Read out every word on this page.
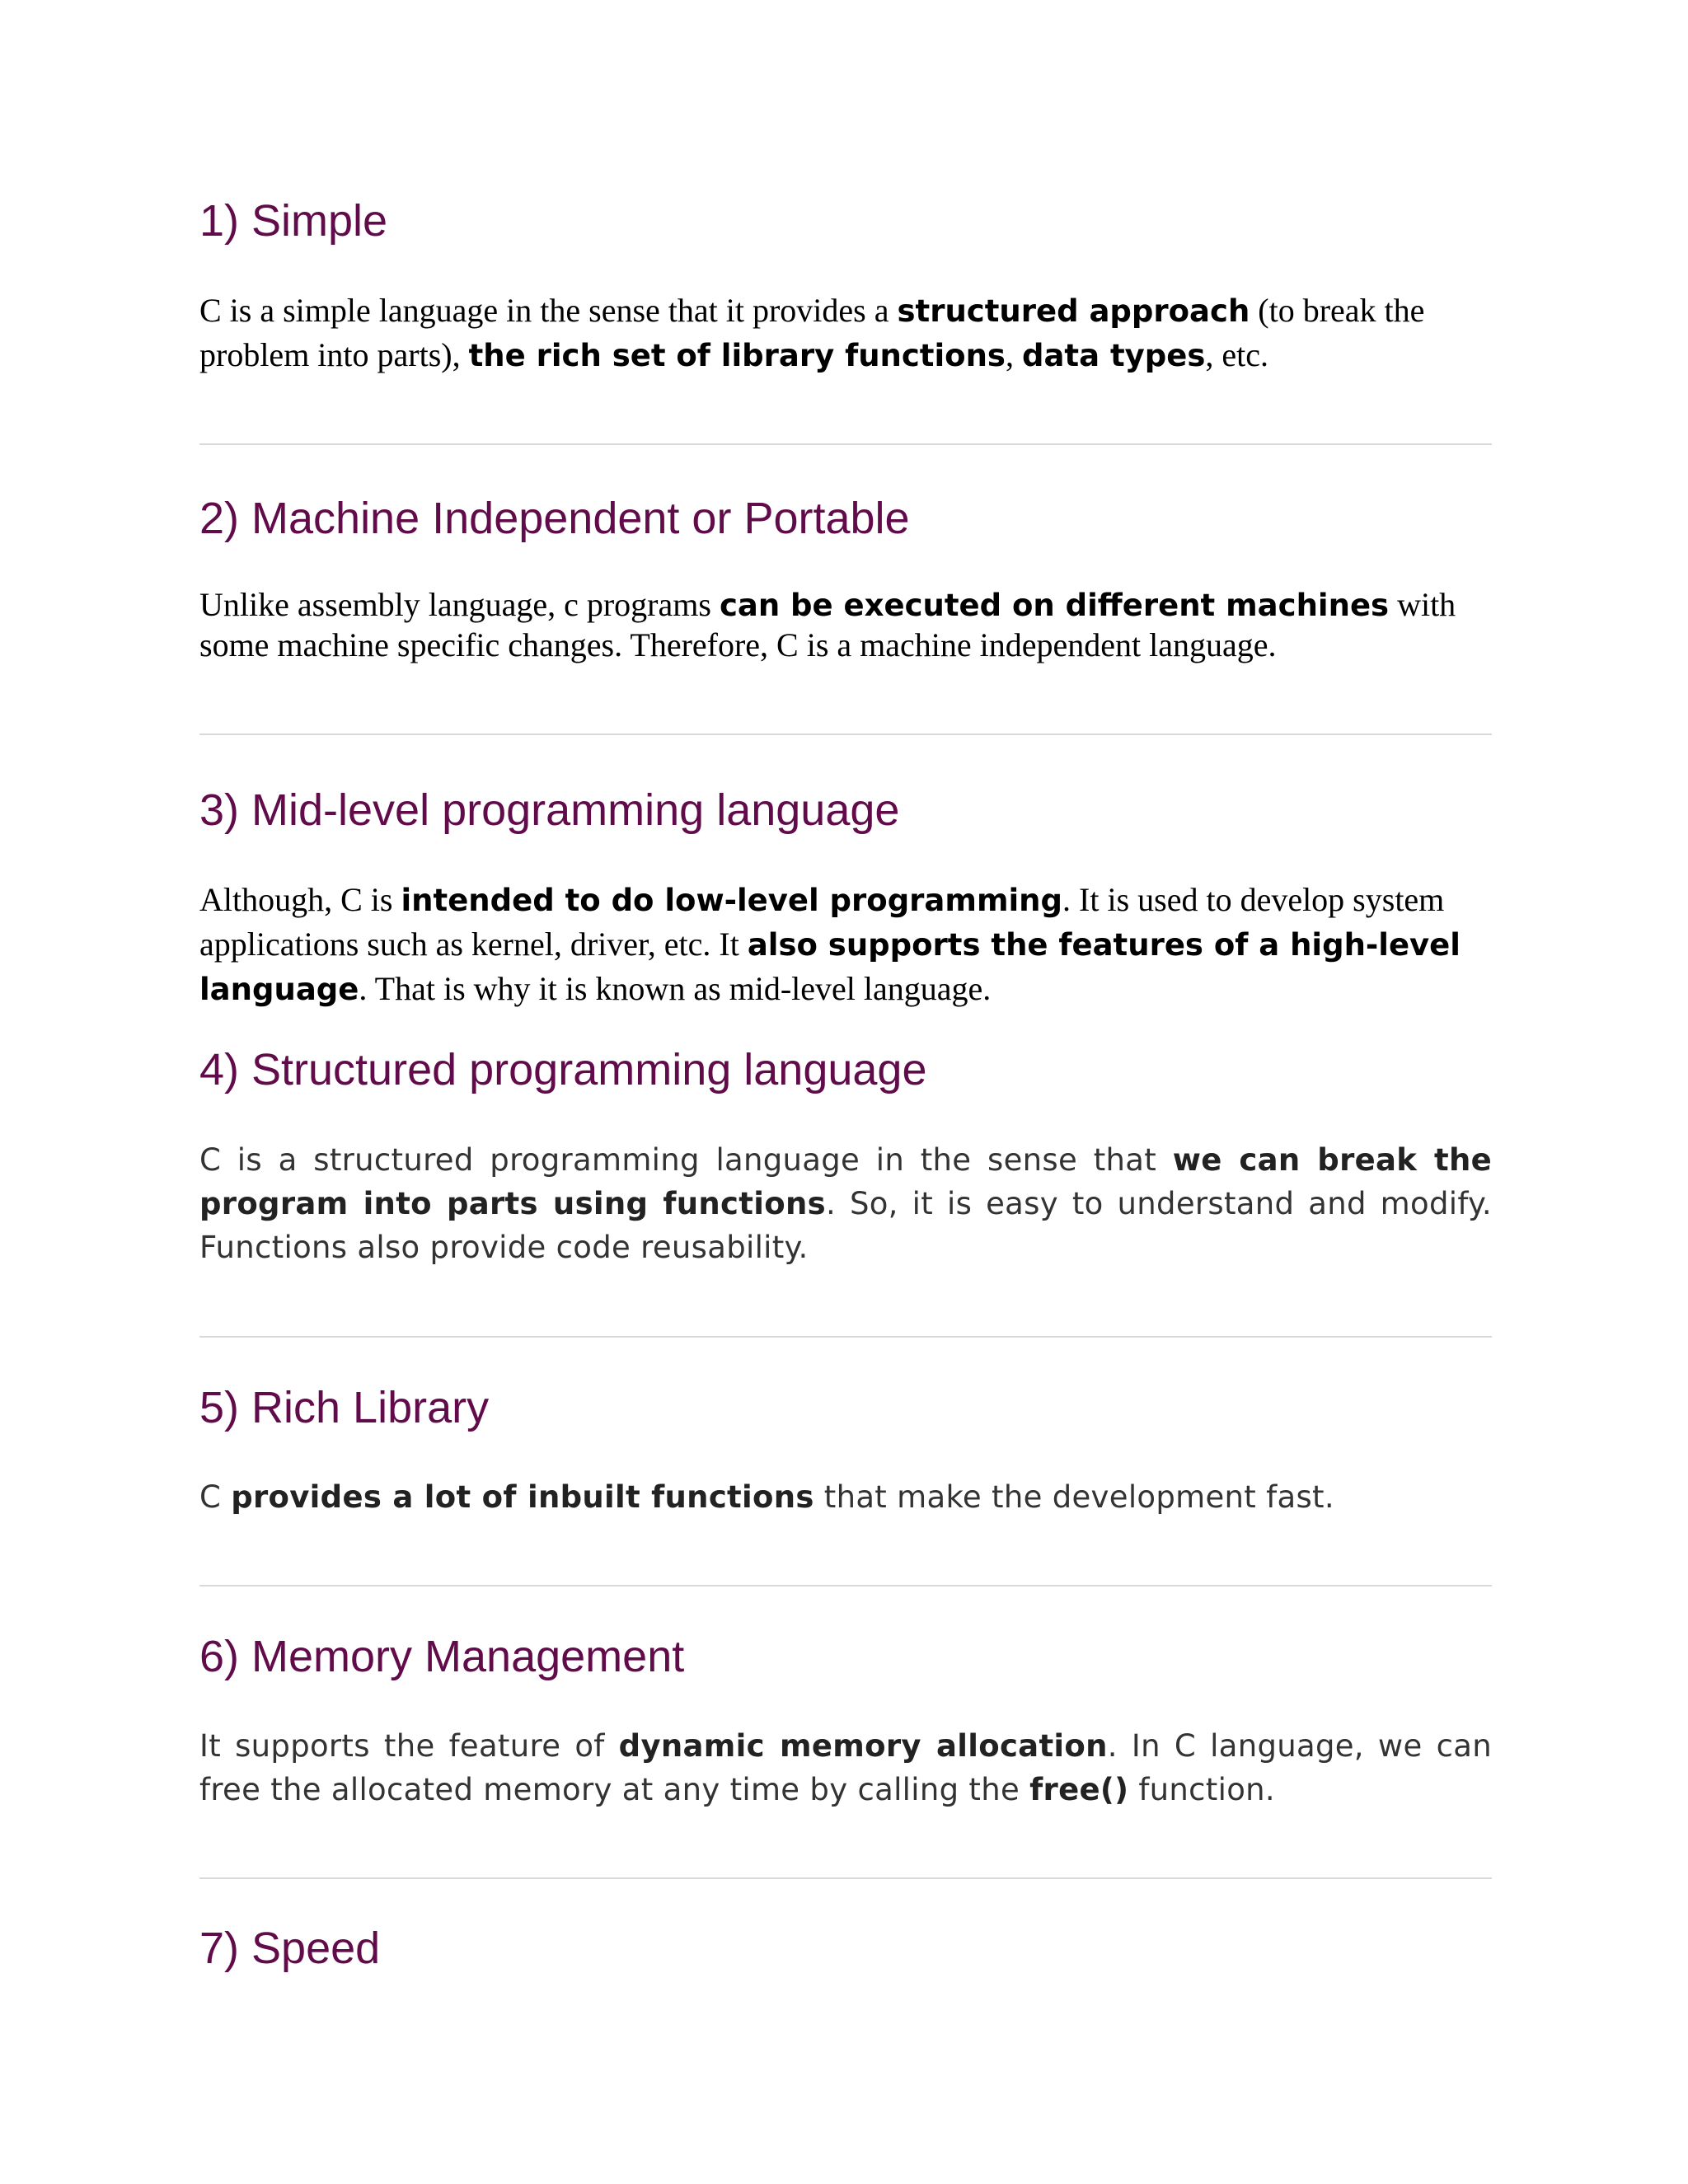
1) Simple

C is a simple language in the sense that it provides a structured approach (to break the problem into parts), the rich set of library functions, data types, etc.

2) Machine Independent or Portable

Unlike assembly language, c programs can be executed on different machines with some machine specific changes. Therefore, C is a machine independent language.

3) Mid-level programming language

Although, C is intended to do low-level programming. It is used to develop system applications such as kernel, driver, etc. It also supports the features of a high-level language. That is why it is known as mid-level language.

4) Structured programming language

C is a structured programming language in the sense that we can break the program into parts using functions. So, it is easy to understand and modify. Functions also provide code reusability.

5) Rich Library

C provides a lot of inbuilt functions that make the development fast.

6) Memory Management

It supports the feature of dynamic memory allocation. In C language, we can free the allocated memory at any time by calling the free() function.

7) Speed
